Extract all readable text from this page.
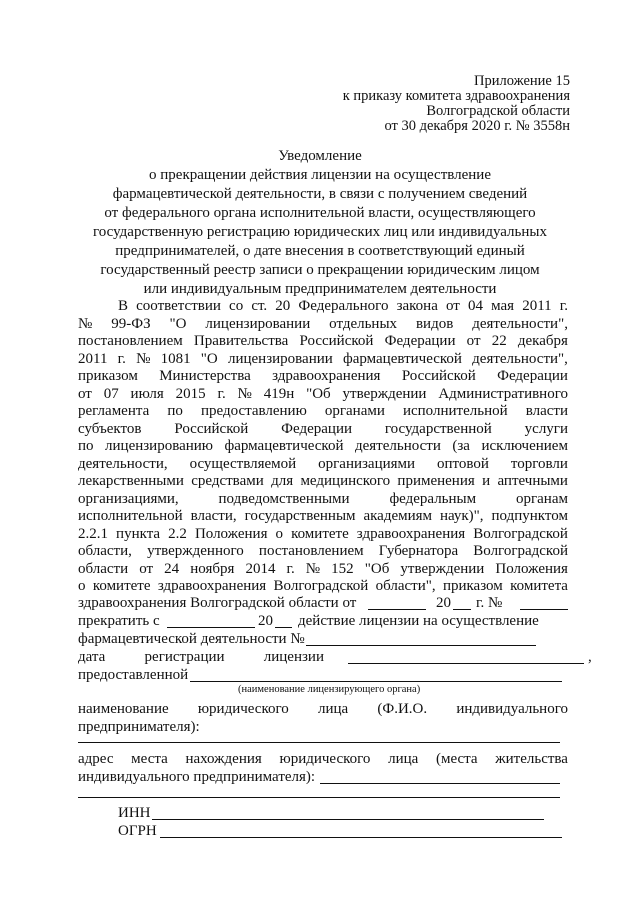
Приложение 15
к приказу комитета здравоохранения
Волгоградской области
от 30 декабря 2020 г. № 3558н
Уведомление
о прекращении действия лицензии на осуществление
фармацевтической деятельности, в связи с получением сведений
от федерального органа исполнительной власти, осуществляющего
государственную регистрацию юридических лиц или индивидуальных
предпринимателей, о дате внесения в соответствующий единый
государственный реестр записи о прекращении юридическим лицом
или индивидуальным предпринимателем деятельности
В соответствии со ст. 20 Федерального закона от 04 мая 2011 г.
№ 99-ФЗ "О лицензировании отдельных видов деятельности",
постановлением Правительства Российской Федерации от 22 декабря
2011 г. № 1081 "О лицензировании фармацевтической деятельности",
приказом Министерства здравоохранения Российской Федерации
от 07 июля 2015 г. № 419н "Об утверждении Административного
регламента по предоставлению органами исполнительной власти
субъектов Российской Федерации государственной услуги
по лицензированию фармацевтической деятельности (за исключением
деятельности, осуществляемой организациями оптовой торговли
лекарственными средствами для медицинского применения и аптечными
организациями,	подведомственными	федеральным	органам
исполнительной власти, государственным академиям наук)", подпунктом
2.2.1 пункта 2.2 Положения о комитете здравоохранения Волгоградской
области, утвержденного постановлением Губернатора Волгоградской
области от 24 ноября 2014 г. № 152 "Об утверждении Положения
о комитете здравоохранения Волгоградской области", приказом комитета
здравоохранения Волгоградской области от	20 г. №
прекратить с	20 действие лицензии на осуществление
фармацевтической деятельности №
дата	регистрации	лицензии	,
предоставленной
(наименование лицензирующего органа)
наименование юридического лица (Ф.И.О. индивидуального
предпринимателя):
адрес места нахождения юридического лица (места жительства
индивидуального предпринимателя):
ИНН
ОГРН
